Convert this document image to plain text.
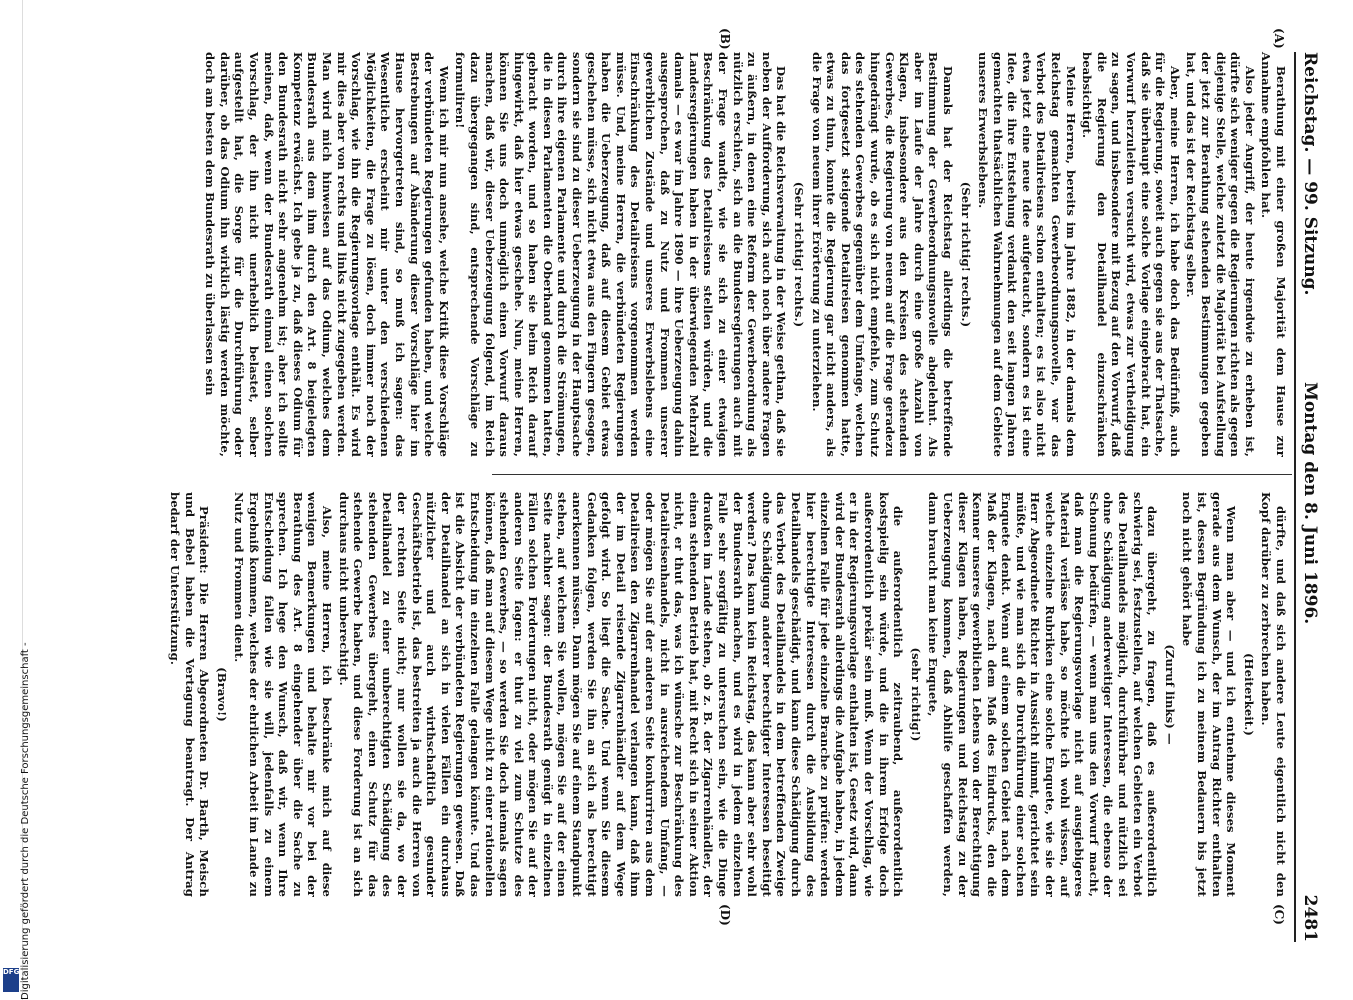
Digitalisierung gefördert durch die Deutsche Forschungsgemeinschaft -
DFG
Reichstag. — 99. Sitzung.
Montag den 8. Juni 1896.
2481
(A)
(B)
(C)
(D)

Berathung mit einer großen Majorität dem Hause zur Annahme empfohlen hat.

Also jeder Angriff, der heute irgendwie zu erheben ist, dürfte sich weniger gegen die Regierungen richten als gegen diejenige Stelle, welche zuletzt die Majorität bei Aufstellung der jetzt zur Berathung stehenden Bestimmungen gegeben hat, und das ist der Reichstag selber.

Aber, meine Herren, ich habe doch das Bedürfniß, auch für die Regierung, soweit auch gegen sie aus der Thatsache, daß sie überhaupt eine solche Vorlage eingebracht hat, ein Vorwurf herzuleiten versucht wird, etwas zur Vertheidigung zu sagen, und insbesondere mit Bezug auf den Vorwurf, daß die Regierung den Detailhandel einzuschränken beabsichtigt.

Meine Herren, bereits im Jahre 1882, in der damals dem Reichstag gemachten Gewerbeordnungsnovelle, war das Verbot des Detailreisens schon enthalten; es ist also nicht etwa jetzt eine neue Idee aufgetaucht, sondern es ist eine Idee, die ihre Entstehung verdankt den seit langen Jahren gemachten thatsächlichen Wahrnehmungen auf dem Gebiete unseres Erwerbslebens.

(Sehr richtig! rechts.)

Damals hat der Reichstag allerdings die betreffende Bestimmung der Gewerbeordnungsnovelle abgelehnt. Als aber im Laufe der Jahre durch eine große Anzahl von Klagen, insbesondere aus den Kreisen des stehenden Gewerbes, die Regierung von neuem auf die Frage geradezu hingedrängt wurde, ob es sich nicht empfehle, zum Schutz des stehenden Gewerbes gegenüber dem Umfange, welchen das fortgesetzt steigende Detailreisen genommen hatte, etwas zu thun, konnte die Regierung gar nicht anders, als die Frage von neuem ihrer Erörterung zu unterziehen.

(Sehr richtig! rechts.)

Das hat die Reichsverwaltung in der Weise gethan, daß sie neben der Aufforderung, sich auch noch über andere Fragen zu äußern, in denen eine Reform der Gewerbeordnung als nützlich erschien, sich an die Bundesregierungen auch mit der Frage wandte, wie sie sich zu einer etwaigen Beschränkung des Detailreisens stellen würden, und die Landesregierungen haben in der überwiegenden Mehrzahl damals — es war im Jahre 1890 — ihre Ueberzeugung dahin ausgesprochen, daß zu Nutz und Frommen unserer gewerblichen Zustände und unseres Erwerbslebens eine Einschränkung des Detailreisens vorgenommen werden müsse. Und, meine Herren, die verbündeten Regierungen haben die Ueberzeugung, daß auf diesem Gebiet etwas geschehen müsse, sich nicht etwa aus den Fingern gesogen, sondern sie sind zu dieser Ueberzeugung in der Hauptsache durch ihre eigenen Parlamente und durch die Strömungen, die in diesen Parlamenten die Oberhand genommen hatten, gebracht worden, und so haben sie beim Reich darauf hingewirkt, daß hier etwas geschehe. Nun, meine Herren, können Sie uns doch unmöglich einen Vorwurf daraus machen, daß wir, dieser Ueberzeugung folgend, im Reich dazu übergegangen sind, entsprechende Vorschläge zu formuliren!

Wenn ich mir nun ansehe, welche Kritik diese Vorschläge der verbündeten Regierungen gefunden haben, und welche Bestrebungen auf Abänderung dieser Vorschläge hier im Hause hervorgetreten sind, so muß ich sagen: das Wesentliche erscheint mir unter den verschiedenen Möglichkeiten, die Frage zu lösen, doch immer noch der Vorschlag, wie ihn die Regierungsvorlage enthält. Es wird mir dies aber von rechts und links nicht zugegeben werden. Man wird mich hinweisen auf das Odium, welches dem Bundesrath aus dem ihm durch den Art. 8 beigelegten Kompetenz erwächst. Ich gebe ja zu, daß dieses Odium für den Bundesrath nicht sehr angenehm ist; aber ich sollte meinen, daß, wenn der Bundesrath einmal einen solchen Vorschlag, der ihn nicht unerheblich belastet, selber aufgestellt hat, die Sorge für die Durchführung oder darüber, ob das Odium ihn wirklich lästig werden möchte, doch am besten dem Bundesrath zu überlassen sein

dürfte, und daß sich andere Leute eigentlich nicht den Kopf darüber zu zerbrechen haben.

(Heiterkeit.)

Wenn man aber — und ich entnehme dieses Moment gerade aus dem Wunsch, der im Antrag Richter enthalten ist, dessen Begründung ich zu meinem Bedauern bis jetzt noch nicht gehört habe

(Zuruf links) —

dazu übergeht, zu fragen, daß es außerordentlich schwierig sei, festzustellen, auf welchen Gebieten ein Verbot des Detailhandels möglich, durchführbar und nützlich sei ohne Schädigung anderweitiger Interessen, die ebenso der Schonung bedürfen, — wenn man uns den Vorwurf macht, daß man die Regierungsvorlage nicht auf ausgiebigeres Material verlässe habe, so möchte ich wohl wissen, auf welche einzelne Rubriken eine solche Enquete, wie sie der Herr Abgeordnete Richter in Aussicht nimmt, gerichtet sein müßte, und wie man sich die Durchführung einer solchen Enquete denkt. Wenn auf einem solchen Gebiet nach dem Maß der Klagen, nach dem Maß des Eindrucks, den die Kenner unseres gewerblichen Lebens von der Berechtigung dieser Klagen haben, Regierungen und Reichstag zu der Ueberzeugung kommen, daß Abhilfe geschaffen werden, dann braucht man keine Enquete,

(sehr richtig!)

die außerordentlich zeitraubend, außerordentlich kostspielig sein würde, und die in ihrem Erfolge doch außerordentlich prekär sein muß. Wenn der Vorschlag, wie er in der Regierungsvorlage enthalten ist, Gesetz wird, dann wird der Bundesrath allerdings die Aufgabe haben, in jedem einzelnen Falle für jede einzelne Branche zu prüfen: werden hier berechtigte Interessen durch die Ausbildung des Detailhandels geschädigt, und kann diese Schädigung durch das Verbot des Detailhandels in dem betreffenden Zweige ohne Schädigung anderer berechtigter Interessen beseitigt werden? Das kann kein Reichstag, das kann aber sehr wohl der Bundesrath machen, und es wird in jedem einzelnen Falle sehr sorgfältig zu untersuchen sein, wie die Dinge draußen im Lande stehen, ob z. B. der Zigarrenhändler, der einen stehenden Betrieb hat, mit Recht sich in seiner Aktion nicht, er thut das, was ich wünsche zur Beschränkung des Detailreisenhandels, nicht in ausreichendem Umfang, — oder mögen Sie auf der anderen Seite konkurriren aus dem Detailreisen den Zigarrenhandel verlangen kann, daß ihm der im Detail reisende Zigarrenhändler auf dem Wege gefolgt wird. So liegt die Sache. Und wenn Sie diesem Gedanken folgen, werden Sie ihn an sich als berechtigt anerkennen müssen. Dann mögen Sie auf einem Standpunkt stehen, auf welchem Sie wollen, mögen Sie auf der einen Seite nachher sagen: der Bundesrath genügt in einzelnen Fällen solchen Forderungen nicht, oder mögen Sie auf der anderen Seite fagen: er thut zu viel zum Schutze des stehenden Gewerbes, — so werden Sie doch niemals sagen können, daß man auf diesem Wege nicht zu einer rationellen Entscheidung im einzelnen Falle gelangen könnte. Und das ist die Absicht der verbündeten Regierungen gewesen. Daß der Detailhandel an sich in vielen Fällen ein durchaus nützlicher und auch wirthschaftlich gesunder Geschäftsbetrieb ist, das bestreiten ja auch die Herren von der rechten Seite nicht; nur wollen sie da, wo der Detailhandel zu einer unberechtigten Schädigung des stehenden Gewerbes übergeht, einen Schutz für das stehende Gewerbe haben, und diese Forderung ist an sich durchaus nicht unberechtigt.

Also, meine Herren, ich beschränke mich auf diese wenigen Bemerkungen und behalte mir vor bei der Berathung des Art. 8 eingehender über die Sache zu sprechen. Ich hege den Wunsch, daß wir, wenn Ihre Entscheidung fallen wie sie will, jedenfalls zu einem Ergebniß kommen, welches der ehrlichen Arbeit im Lande zu Nutz und Frommen dient.

(Bravo!)

Präsident: Die Herren Abgeordneten Dr. Barth, Meisch und Bebel haben die Vertagung beantragt. Der Antrag bedarf der Unterstützung.
